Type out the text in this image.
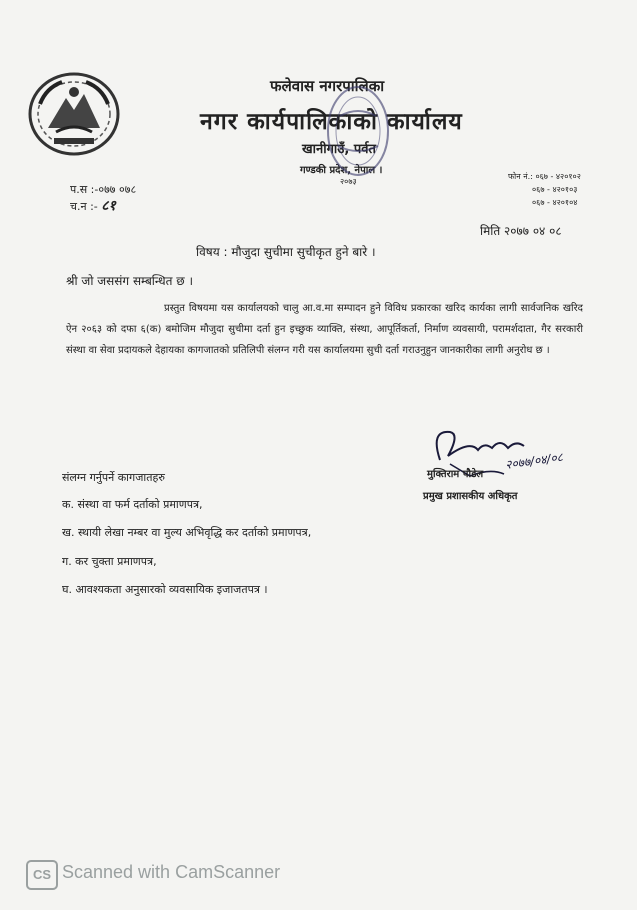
फलेवास नगरपालिका
नगर कार्यपालिकाको कार्यालय
खानीगाउँ, पर्वत
गण्डकी प्रदेश, नेपाल ।
२०७३
प.स :-०७७ ०७८
च.न :- ८१
फोन नं.: ०६७ - ४२०१०२
०६७ - ४२०१०३
०६७ - ४२०१०४
मिति २०७७ ०४ ०८
विषय : मौजुदा सुचीमा सुचीकृत हुने बारे ।
श्री जो जससंग सम्बन्धित छ ।
प्रस्तुत विषयमा यस कार्यालयको चालु आ.व.मा सम्पादन हुने विविध प्रकारका खरिद कार्यका लागी सार्वजनिक खरिद ऐन २०६३ को दफा ६(क) बमोजिम मौजुदा सुचीमा दर्ता हुन इच्छुक व्याक्ति, संस्था, आपूर्तिकर्ता, निर्माण व्यवसायी, परामर्शदाता, गैर सरकारी संस्था वा सेवा प्रदायकले देहायका कागजातको प्रतिलिपी संलग्न गरी यस कार्यालयमा सुची दर्ता गराउनुहुन जानकारीका लागी अनुरोध छ ।
२०७७/०४/०८
मुक्तिराम पौडेल
प्रमुख प्रशासकीय अधिकृत
संलग्न गर्नुपर्ने कागजातहरु
क. संस्था वा फर्म दर्ताको प्रमाणपत्र,
ख. स्थायी लेखा नम्बर वा मुल्य अभिवृद्धि कर दर्ताको प्रमाणपत्र,
ग. कर चुक्ता प्रमाणपत्र,
घ. आवश्यकता अनुसारको व्यवसायिक इजाजतपत्र ।
CS Scanned with CamScanner
